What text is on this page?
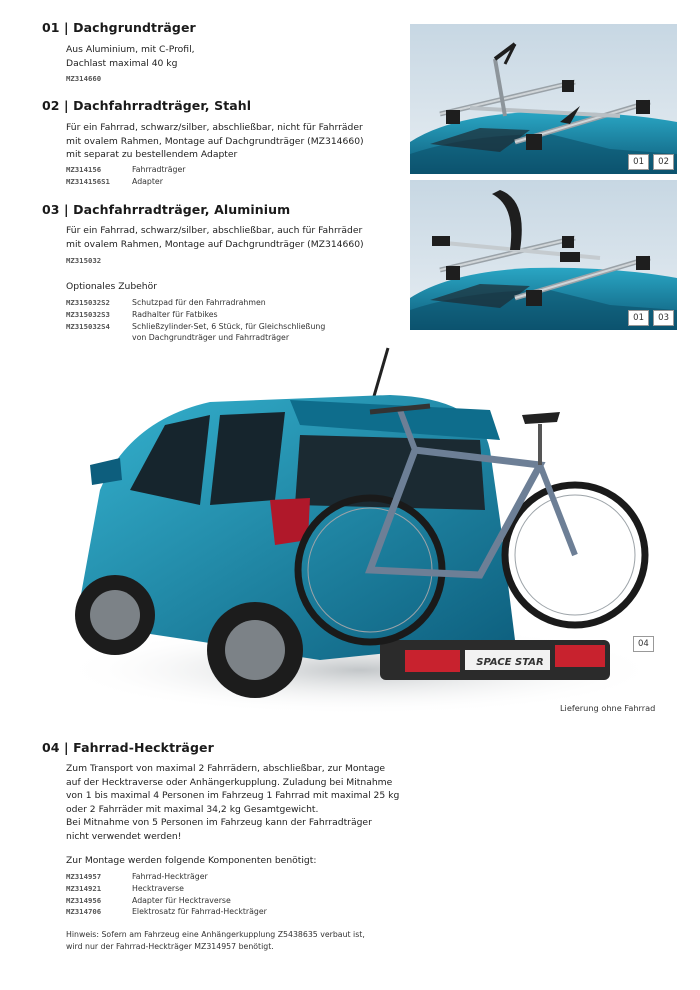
01 | Dachgrundträger
Aus Aluminium, mit C-Profil,
Dachlast maximal 40 kg
MZ314660
02 | Dachfahrradträger, Stahl
Für ein Fahrrad, schwarz/silber, abschließbar, nicht für Fahrräder
mit ovalem Rahmen, Montage auf Dachgrundträger (MZ314660)
mit separat zu bestellendem Adapter
MZ314156	Fahrradträger
MZ314156S1	Adapter
03 | Dachfahrradträger, Aluminium
Für ein Fahrrad, schwarz/silber, abschließbar, auch für Fahrräder
mit ovalem Rahmen, Montage auf Dachgrundträger (MZ314660)
MZ315032
Optionales Zubehör
MZ315032S2	Schutzpad für den Fahrradrahmen
MZ315032S3	Radhalter für Fatbikes
MZ315032S4	Schließzylinder-Set, 6 Stück, für Gleichschließung
von Dachgrundträger und Fahrradträger
01	02
01	03
SPACE STAR
04
Lieferung ohne Fahrrad
04 | Fahrrad-Heckträger
Zum Transport von maximal 2 Fahrrädern, abschließbar, zur Montage
auf der Hecktraverse oder Anhängerkupplung. Zuladung bei Mitnahme
von 1 bis maximal 4 Personen im Fahrzeug 1 Fahrrad mit maximal 25 kg
oder 2 Fahrräder mit maximal 34,2 kg Gesamtgewicht.
Bei Mitnahme von 5 Personen im Fahrzeug kann der Fahrradträger
nicht verwendet werden!
Zur Montage werden folgende Komponenten benötigt:
MZ314957	Fahrrad-Heckträger
MZ314921	Hecktraverse
MZ314956	Adapter für Hecktraverse
MZ314706	Elektrosatz für Fahrrad-Heckträger
Hinweis: Sofern am Fahrzeug eine Anhängerkupplung Z5438635 verbaut ist,
wird nur der Fahrrad-Heckträger MZ314957 benötigt.
